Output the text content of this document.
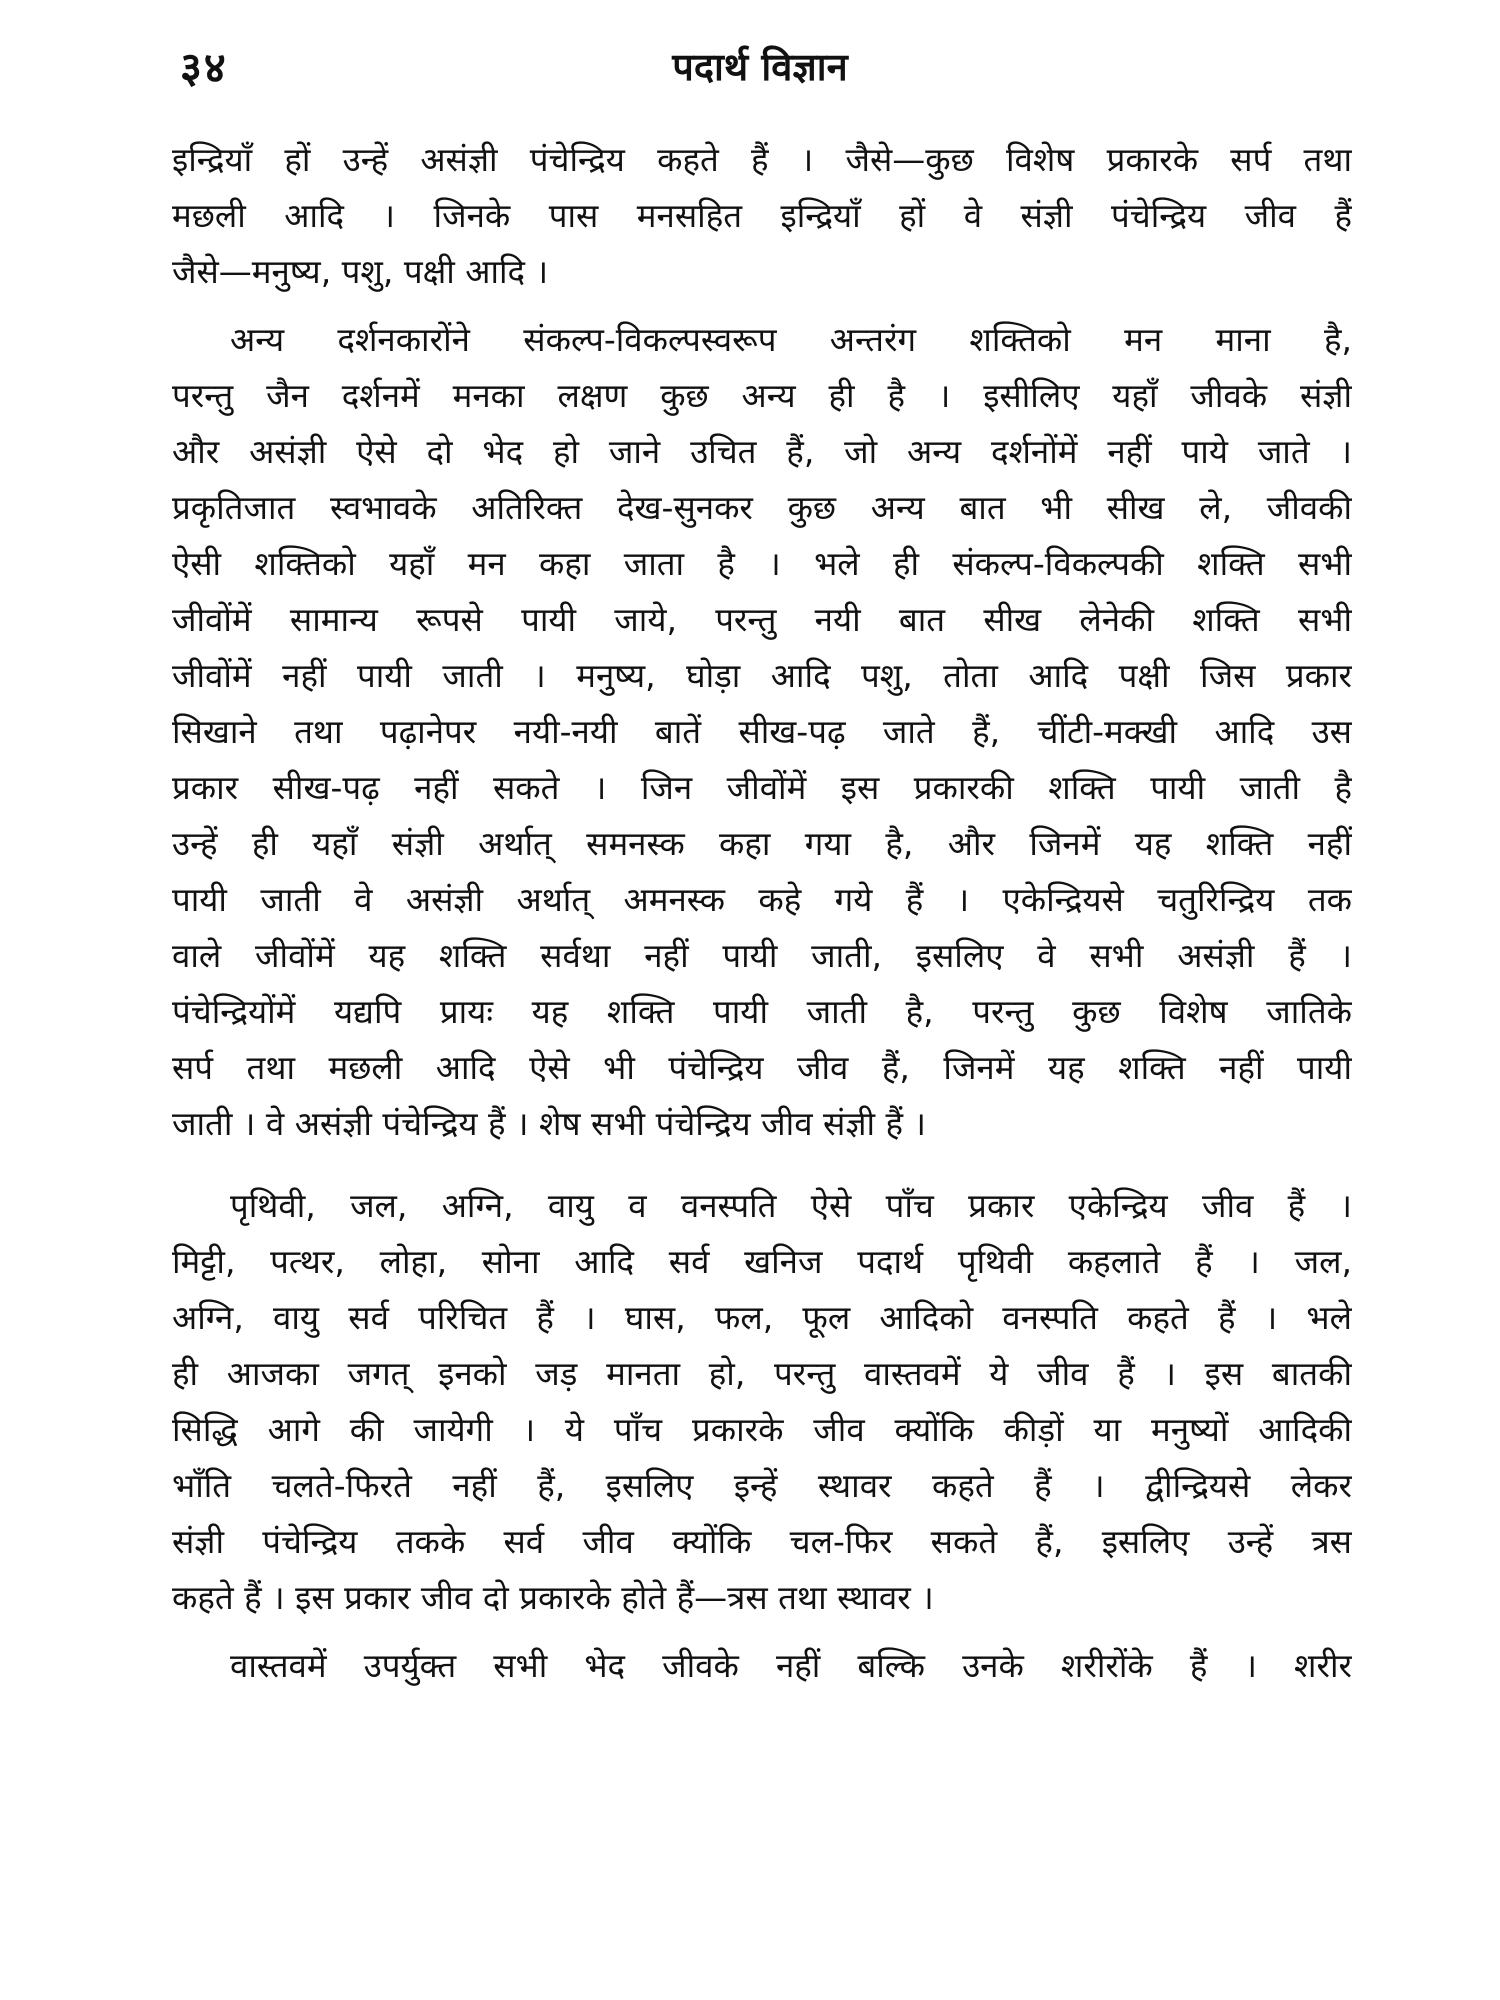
३४	पदार्थ विज्ञान
इन्द्रियाँ हों उन्हें असंज्ञी पंचेन्द्रिय कहते हैं । जैसे—कुछ विशेष प्रकारके सर्प तथा
मछली आदि । जिनके पास मनसहित इन्द्रियाँ हों वे संज्ञी पंचेन्द्रिय जीव हैं
जैसे—मनुष्य, पशु, पक्षी आदि ।
अन्य दर्शनकारोंने संकल्प-विकल्पस्वरूप अन्तरंग शक्तिको मन माना है,
परन्तु जैन दर्शनमें मनका लक्षण कुछ अन्य ही है । इसीलिए यहाँ जीवके संज्ञी
और असंज्ञी ऐसे दो भेद हो जाने उचित हैं, जो अन्य दर्शनोंमें नहीं पाये जाते ।
प्रकृतिजात स्वभावके अतिरिक्त देख-सुनकर कुछ अन्य बात भी सीख ले, जीवकी
ऐसी शक्तिको यहाँ मन कहा जाता है । भले ही संकल्प-विकल्पकी शक्ति सभी
जीवोंमें सामान्य रूपसे पायी जाये, परन्तु नयी बात सीख लेनेकी शक्ति सभी
जीवोंमें नहीं पायी जाती । मनुष्य, घोड़ा आदि पशु, तोता आदि पक्षी जिस प्रकार
सिखाने तथा पढ़ानेपर नयी-नयी बातें सीख-पढ़ जाते हैं, चींटी-मक्खी आदि उस
प्रकार सीख-पढ़ नहीं सकते । जिन जीवोंमें इस प्रकारकी शक्ति पायी जाती है
उन्हें ही यहाँ संज्ञी अर्थात् समनस्क कहा गया है, और जिनमें यह शक्ति नहीं
पायी जाती वे असंज्ञी अर्थात् अमनस्क कहे गये हैं । एकेन्द्रियसे चतुरिन्द्रिय तक
वाले जीवोंमें यह शक्ति सर्वथा नहीं पायी जाती, इसलिए वे सभी असंज्ञी हैं ।
पंचेन्द्रियोंमें यद्यपि प्रायः यह शक्ति पायी जाती है, परन्तु कुछ विशेष जातिके
सर्प तथा मछली आदि ऐसे भी पंचेन्द्रिय जीव हैं, जिनमें यह शक्ति नहीं पायी
जाती । वे असंज्ञी पंचेन्द्रिय हैं । शेष सभी पंचेन्द्रिय जीव संज्ञी हैं ।
पृथिवी, जल, अग्नि, वायु व वनस्पति ऐसे पाँच प्रकार एकेन्द्रिय जीव हैं ।
मिट्टी, पत्थर, लोहा, सोना आदि सर्व खनिज पदार्थ पृथिवी कहलाते हैं । जल,
अग्नि, वायु सर्व परिचित हैं । घास, फल, फूल आदिको वनस्पति कहते हैं । भले
ही आजका जगत् इनको जड़ मानता हो, परन्तु वास्तवमें ये जीव हैं । इस बातकी
सिद्धि आगे की जायेगी । ये पाँच प्रकारके जीव क्योंकि कीड़ों या मनुष्यों आदिकी
भाँति चलते-फिरते नहीं हैं, इसलिए इन्हें स्थावर कहते हैं । द्वीन्द्रियसे लेकर
संज्ञी पंचेन्द्रिय तकके सर्व जीव क्योंकि चल-फिर सकते हैं, इसलिए उन्हें त्रस
कहते हैं । इस प्रकार जीव दो प्रकारके होते हैं—त्रस तथा स्थावर ।
वास्तवमें उपर्युक्त सभी भेद जीवके नहीं बल्कि उनके शरीरोंके हैं । शरीर
